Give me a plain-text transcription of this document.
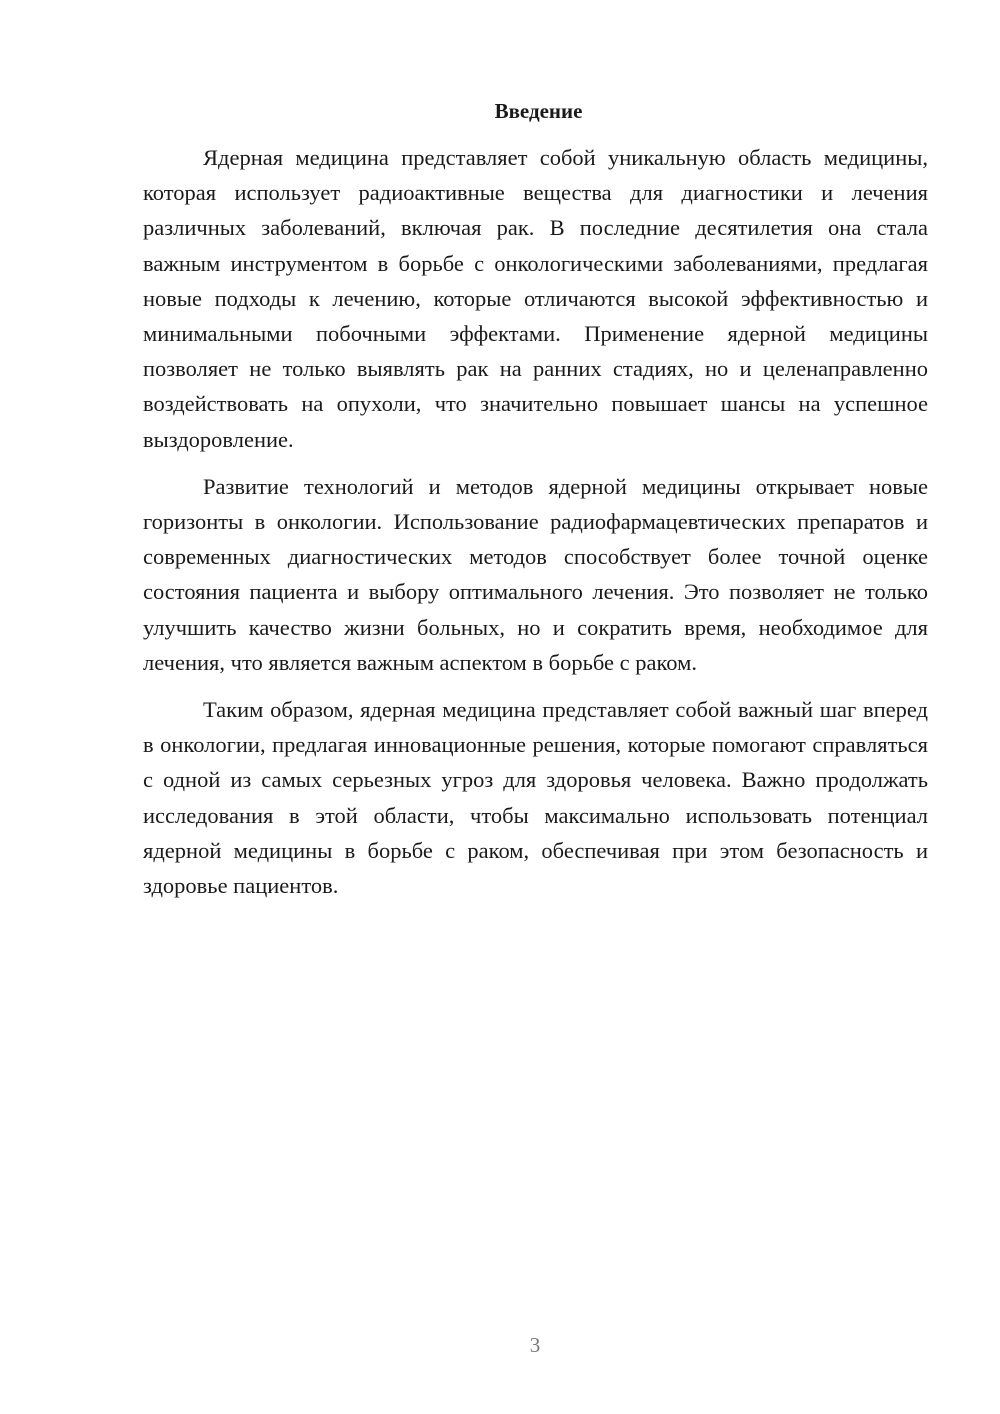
Введение

Ядерная медицина представляет собой уникальную область медицины, которая использует радиоактивные вещества для диагностики и лечения различных заболеваний, включая рак. В последние десятилетия она стала важным инструментом в борьбе с онкологическими заболеваниями, предлагая новые подходы к лечению, которые отличаются высокой эффективностью и минимальными побочными эффектами. Применение ядерной медицины позволяет не только выявлять рак на ранних стадиях, но и целенаправленно воздействовать на опухоли, что значительно повышает шансы на успешное выздоровление.

Развитие технологий и методов ядерной медицины открывает новые горизонты в онкологии. Использование радиофармацевтических препаратов и современных диагностических методов способствует более точной оценке состояния пациента и выбору оптимального лечения. Это позволяет не только улучшить качество жизни больных, но и сократить время, необходимое для лечения, что является важным аспектом в борьбе с раком.

Таким образом, ядерная медицина представляет собой важный шаг вперед в онкологии, предлагая инновационные решения, которые помогают справляться с одной из самых серьезных угроз для здоровья человека. Важно продолжать исследования в этой области, чтобы максимально использовать потенциал ядерной медицины в борьбе с раком, обеспечивая при этом безопасность и здоровье пациентов.

3
